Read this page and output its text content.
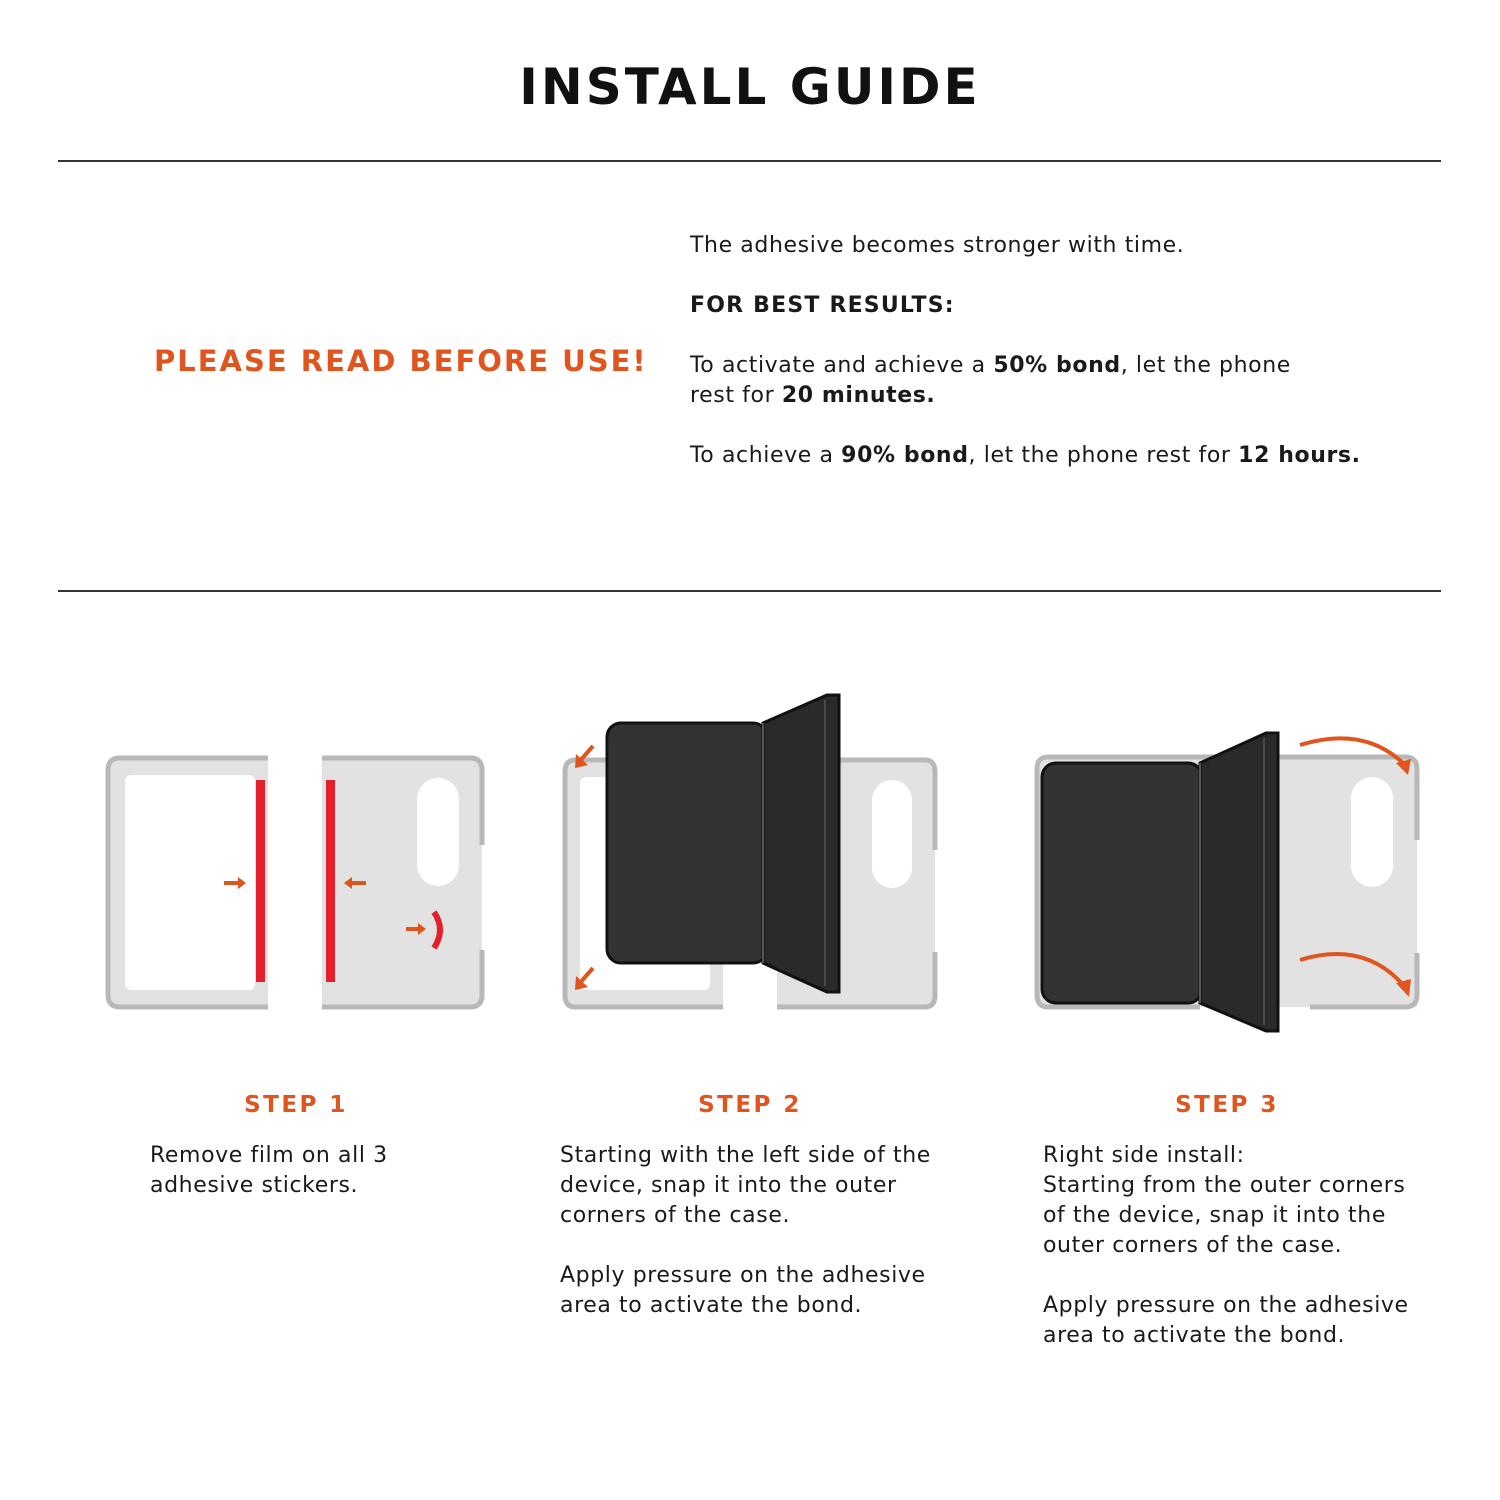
INSTALL GUIDE
PLEASE READ BEFORE USE!
The adhesive becomes stronger with time.
FOR BEST RESULTS:
To activate and achieve a 50% bond, let the phone
rest for 20 minutes.
To achieve a 90% bond, let the phone rest for 12 hours.
STEP 1	STEP 2	STEP 3
Remove film on all 3
adhesive stickers.
Starting with the left side of the
device, snap it into the outer
corners of the case.
Apply pressure on the adhesive
area to activate the bond.
Right side install:
Starting from the outer corners
of the device, snap it into the
outer corners of the case.
Apply pressure on the adhesive
area to activate the bond.
